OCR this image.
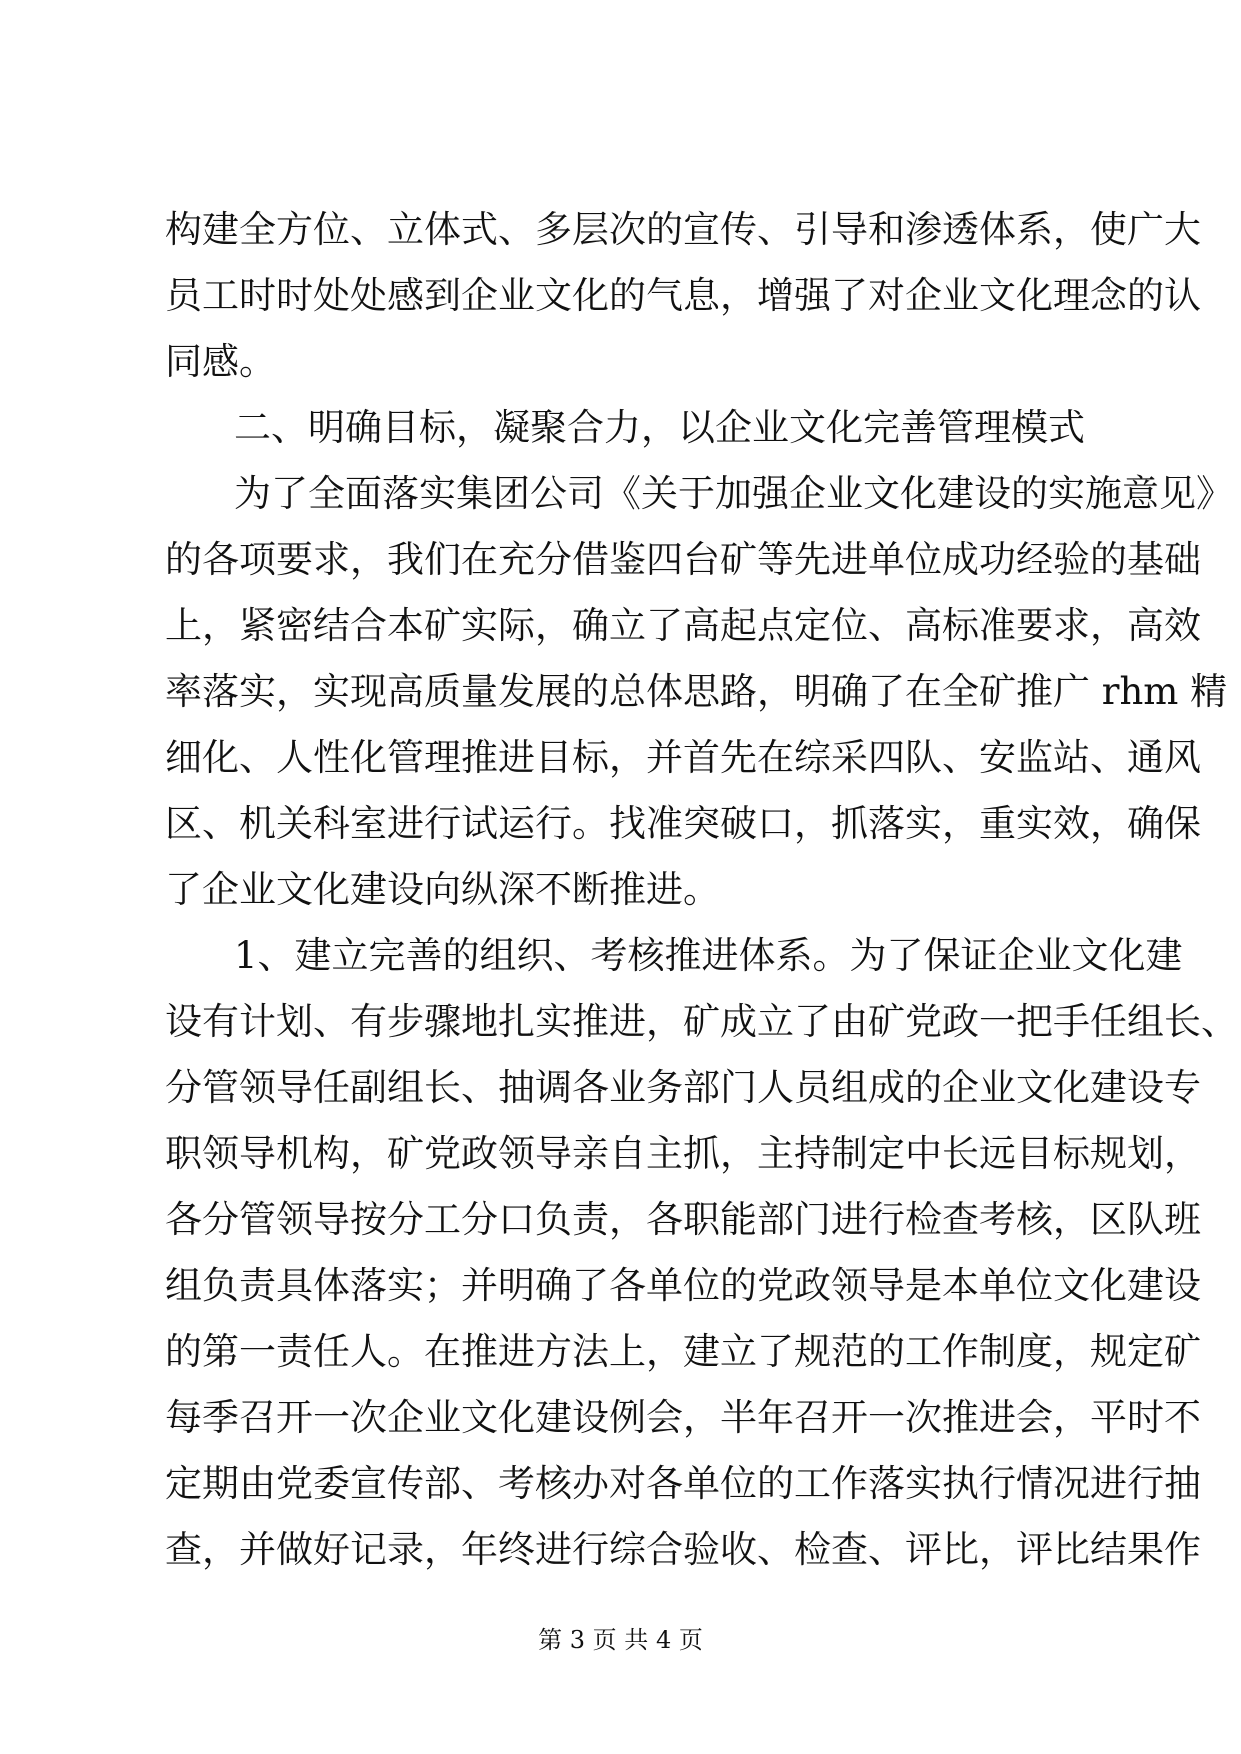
构建全方位、立体式、多层次的宣传、引导和渗透体系，使广大
员工时时处处感到企业文化的气息，增强了对企业文化理念的认
同感。
二、明确目标，凝聚合力，以企业文化完善管理模式
为了全面落实集团公司《关于加强企业文化建设的实施意见》
的各项要求，我们在充分借鉴四台矿等先进单位成功经验的基础
上，紧密结合本矿实际，确立了高起点定位、高标准要求，高效
率落实，实现高质量发展的总体思路，明确了在全矿推广 rhm 精
细化、人性化管理推进目标，并首先在综采四队、安监站、通风
区、机关科室进行试运行。找准突破口，抓落实，重实效，确保
了企业文化建设向纵深不断推进。
1、建立完善的组织、考核推进体系。为了保证企业文化建
设有计划、有步骤地扎实推进，矿成立了由矿党政一把手任组长、
分管领导任副组长、抽调各业务部门人员组成的企业文化建设专
职领导机构，矿党政领导亲自主抓，主持制定中长远目标规划，
各分管领导按分工分口负责，各职能部门进行检查考核，区队班
组负责具体落实；并明确了各单位的党政领导是本单位文化建设
的第一责任人。在推进方法上，建立了规范的工作制度，规定矿
每季召开一次企业文化建设例会，半年召开一次推进会，平时不
定期由党委宣传部、考核办对各单位的工作落实执行情况进行抽
查，并做好记录，年终进行综合验收、检查、评比，评比结果作
第 3 页 共 4 页
